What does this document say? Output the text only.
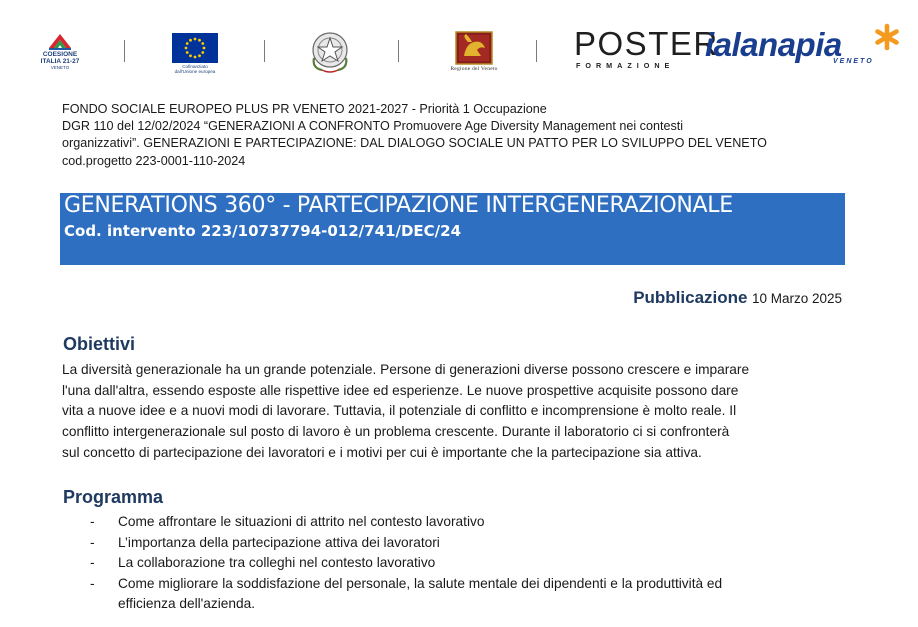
COESIONE
ITALIA 21-27
VENETO	Cofinanziato
dall'Unione europea	Regione del Veneto
POSTER
FORMAZIONE
ialanapia
VENETO
FONDO SOCIALE EUROPEO PLUS PR VENETO 2021-2027 - Priorità 1 Occupazione
DGR 110 del 12/02/2024 “GENERAZIONI A CONFRONTO Promuovere Age Diversity Management nei contesti
organizzativi”. GENERAZIONI E PARTECIPAZIONE: DAL DIALOGO SOCIALE UN PATTO PER LO SVILUPPO DEL VENETO
cod.progetto 223-0001-110-2024
GENERATIONS 360° - PARTECIPAZIONE INTERGENERAZIONALE
Cod. intervento 223/10737794-012/741/DEC/24
Pubblicazione 10 Marzo 2025
Obiettivi
La diversità generazionale ha un grande potenziale. Persone di generazioni diverse possono crescere e imparare
l'una dall'altra, essendo esposte alle rispettive idee ed esperienze. Le nuove prospettive acquisite possono dare
vita a nuove idee e a nuovi modi di lavorare. Tuttavia, il potenziale di conflitto e incomprensione è molto reale. Il
conflitto intergenerazionale sul posto di lavoro è un problema crescente. Durante il laboratorio ci si confronterà
sul concetto di partecipazione dei lavoratori e i motivi per cui è importante che la partecipazione sia attiva.
Programma
- Come affrontare le situazioni di attrito nel contesto lavorativo
- L’importanza della partecipazione attiva dei lavoratori
- La collaborazione tra colleghi nel contesto lavorativo
- Come migliorare la soddisfazione del personale, la salute mentale dei dipendenti e la produttività ed
efficienza dell'azienda.
